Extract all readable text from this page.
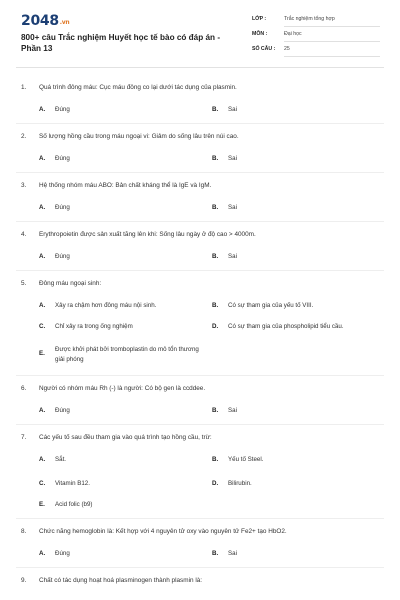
2048.vn
800+ câu Trắc nghiệm Huyết học tế bào có đáp án - Phần 13
LỚP :	Trắc nghiệm tổng hợp
MÔN :	Đại học
SỐ CÂU : 25
1. Quá trình đông máu: Cục máu đông co lại dưới tác dụng của plasmin.
A. Đúng	B. Sai
2. Số lượng hồng cầu trong máu ngoại vi: Giảm do sống lâu trên núi cao.
A. Đúng	B. Sai
3. Hệ thống nhóm máu ABO: Bản chất kháng thể là IgE và IgM.
A. Đúng	B. Sai
4. Erythropoietin được sản xuất tăng lên khi: Sống lâu ngày ở độ cao > 4000m.
A. Đúng	B. Sai
5. Đông máu ngoại sinh:
A. Xảy ra chậm hơn đông máu nội sinh.	B. Có sự tham gia của yếu tố VIII.
C. Chỉ xảy ra trong ống nghiệm	D. Có sự tham gia của phospholipid tiểu cầu.
E.
Được khởi phát bởi tromboplastin do mô tổn thương giải phóng
6. Người có nhóm máu Rh (-) là người: Có bộ gen là ccddee.
A. Đúng	B. Sai
7. Các yếu tố sau đều tham gia vào quá trình tạo hồng cầu, trừ:
A. Sắt.	B. Yếu tố Steel.
C. Vitamin B12.	D. Bilirubin.
E. Acid folic (b9)
8. Chức năng hemoglobin là: Kết hợp với 4 nguyên tử oxy vào nguyên tử Fe2+ tạo HbO2.
A. Đúng	B. Sai
9. Chất có tác dụng hoạt hoá plasminogen thành plasmin là:
